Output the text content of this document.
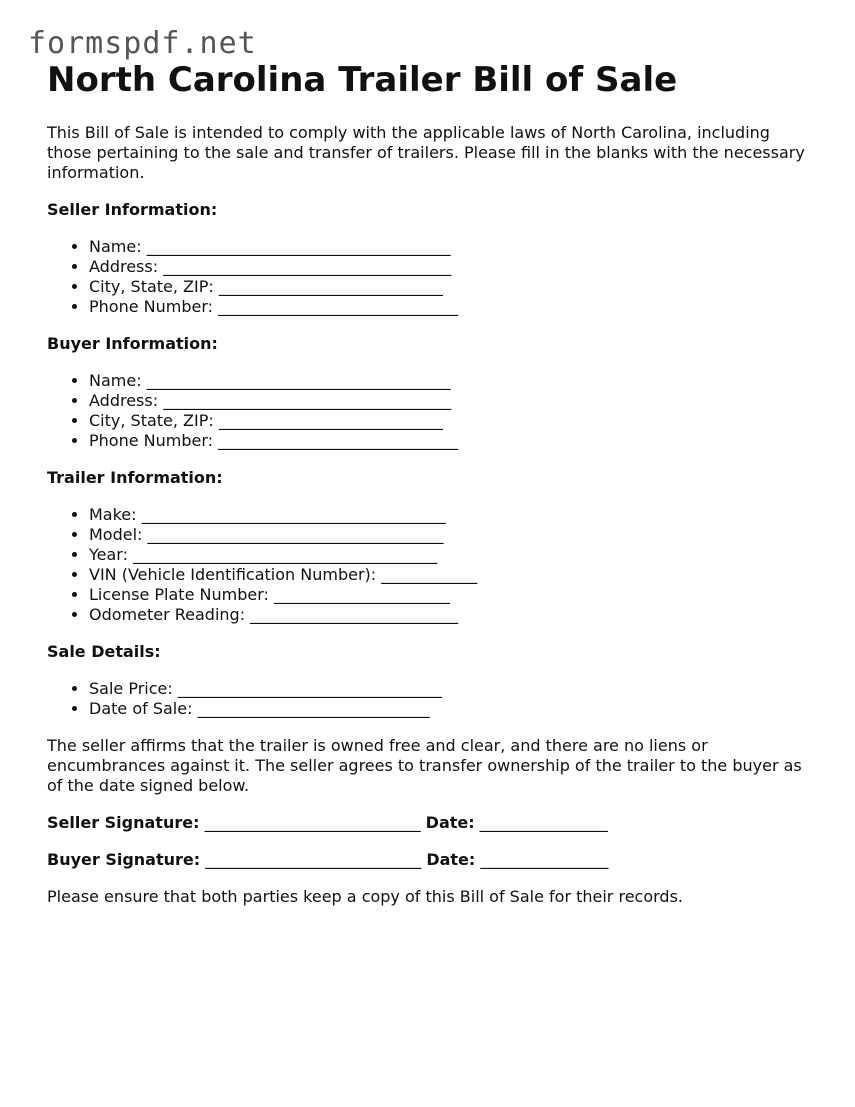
formspdf.net
North Carolina Trailer Bill of Sale

This Bill of Sale is intended to comply with the applicable laws of North Carolina, including those pertaining to the sale and transfer of trailers. Please fill in the blanks with the necessary information.

Seller Information:
• Name: ______________________________________
• Address: ____________________________________
• City, State, ZIP: ____________________________
• Phone Number: ______________________________
Buyer Information:
• Name: ______________________________________
• Address: ____________________________________
• City, State, ZIP: ____________________________
• Phone Number: ______________________________
Trailer Information:
• Make: ______________________________________
• Model: _____________________________________
• Year: ______________________________________
• VIN (Vehicle Identification Number): ____________
• License Plate Number: ______________________
• Odometer Reading: __________________________
Sale Details:
• Sale Price: _________________________________
• Date of Sale: _____________________________

The seller affirms that the trailer is owned free and clear, and there are no liens or encumbrances against it. The seller agrees to transfer ownership of the trailer to the buyer as of the date signed below.

Seller Signature: ___________________________ Date: ________________
Buyer Signature: ___________________________ Date: ________________

Please ensure that both parties keep a copy of this Bill of Sale for their records.
